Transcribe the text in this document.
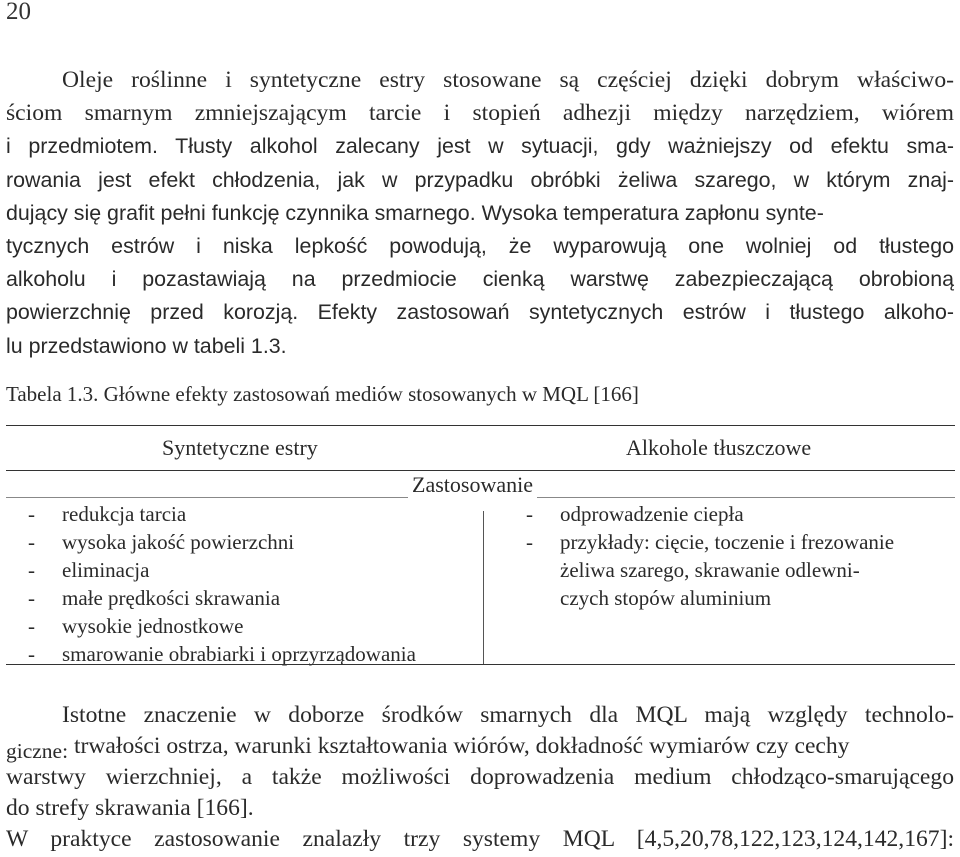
20
Oleje roślinne i syntetyczne estry stosowane są częściej dzięki dobrym właściwo-
ściom smarnym zmniejszającym tarcie i stopień adhezji między narzędziem, wiórem
i przedmiotem. Tłusty alkohol zalecany jest w sytuacji, gdy ważniejszy od efektu sma-
rowania jest efekt chłodzenia, jak w przypadku obróbki żeliwa szarego, w którym znaj-
dujący się grafit pełni funkcję czynnika smarnego. Wysoka temperatura zapłonu synte-
tycznych estrów i niska lepkość powodują, że wyparowują one wolniej od tłustego
alkoholu i pozastawiają na przedmiocie cienką warstwę zabezpieczającą obrobioną
powierzchnię przed korozją. Efekty zastosowań syntetycznych estrów i tłustego alkoho-
lu przedstawiono w tabeli 1.3.
Tabela 1.3. Główne efekty zastosowań mediów stosowanych w MQL [166]
Syntetyczne estry	Alkohole tłuszczowe
Zastosowanie
- redukcja tarcia
- wysoka jakość powierzchni
- eliminacja
- małe prędkości skrawania
- wysokie jednostkowe
- smarowanie obrabiarki i oprzyrządowania
- odprowadzenie ciepła
- przykłady: cięcie, toczenie i frezowanie
żeliwa szarego, skrawanie odlewni-
czych stopów aluminium
Istotne znaczenie w doborze środków smarnych dla MQL mają względy technolo-
giczne: trwałości ostrza, warunki kształtowania wiórów, dokładność wymiarów czy cechy
warstwy wierzchniej, a także możliwości doprowadzenia medium chłodząco-smarującego
do strefy skrawania [166].
W praktyce zastosowanie znalazły trzy systemy MQL [4,5,20,78,122,123,124,142,167]:
